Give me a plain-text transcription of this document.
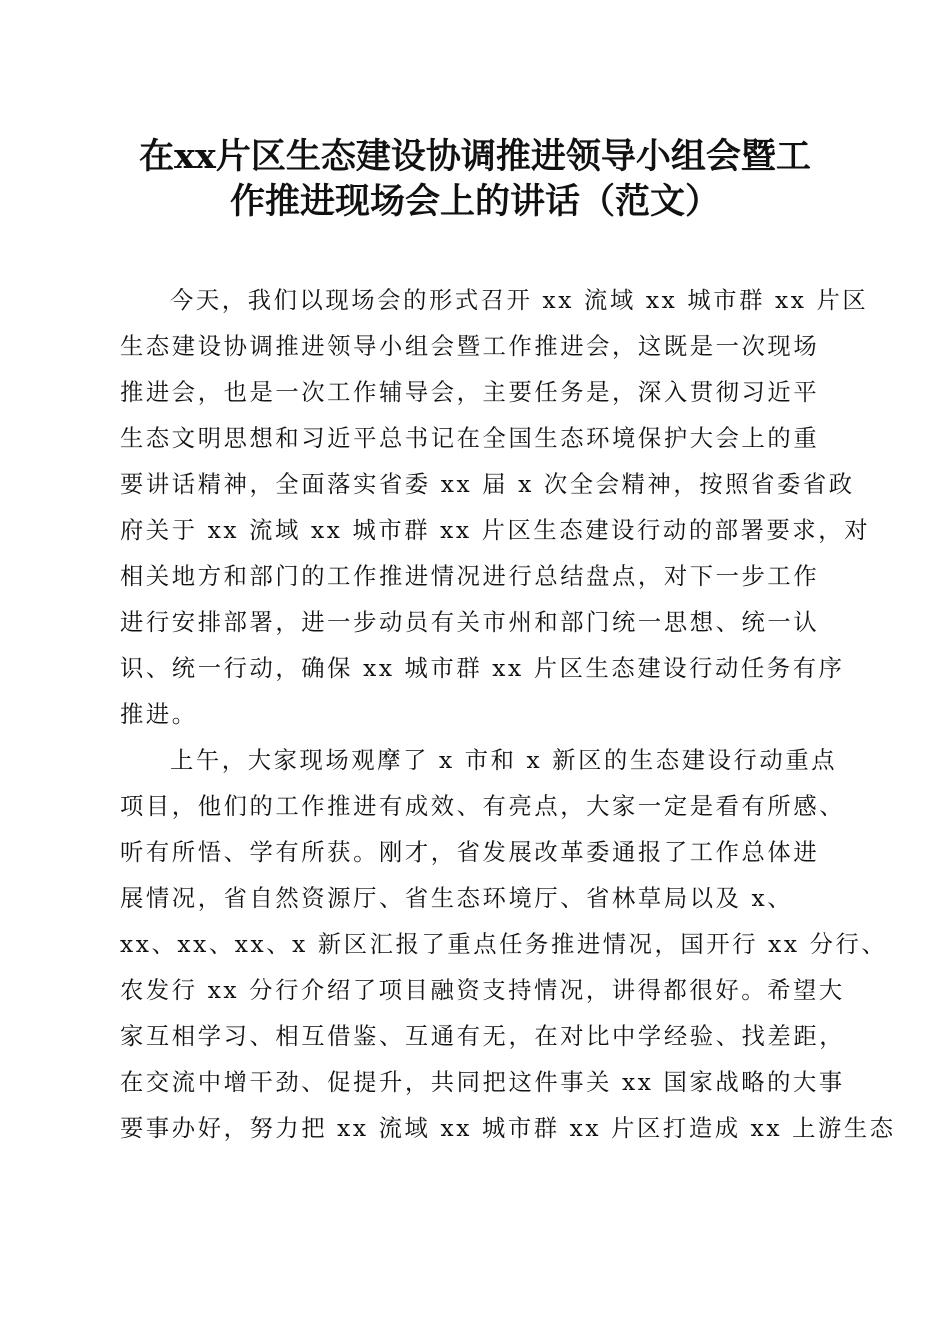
在xx片区生态建设协调推进领导小组会暨工
作推进现场会上的讲话（范文）
今天，我们以现场会的形式召开 xx 流域 xx 城市群 xx 片区
生态建设协调推进领导小组会暨工作推进会，这既是一次现场
推进会，也是一次工作辅导会，主要任务是，深入贯彻习近平
生态文明思想和习近平总书记在全国生态环境保护大会上的重
要讲话精神，全面落实省委 xx 届 x 次全会精神，按照省委省政
府关于 xx 流域 xx 城市群 xx 片区生态建设行动的部署要求，对
相关地方和部门的工作推进情况进行总结盘点，对下一步工作
进行安排部署，进一步动员有关市州和部门统一思想、统一认
识、统一行动，确保 xx 城市群 xx 片区生态建设行动任务有序
推进。
上午，大家现场观摩了 x 市和 x 新区的生态建设行动重点
项目，他们的工作推进有成效、有亮点，大家一定是看有所感、
听有所悟、学有所获。刚才，省发展改革委通报了工作总体进
展情况，省自然资源厅、省生态环境厅、省林草局以及 x、
xx、xx、xx、x 新区汇报了重点任务推进情况，国开行 xx 分行、
农发行 xx 分行介绍了项目融资支持情况，讲得都很好。希望大
家互相学习、相互借鉴、互通有无，在对比中学经验、找差距，
在交流中增干劲、促提升，共同把这件事关 xx 国家战略的大事
要事办好，努力把 xx 流域 xx 城市群 xx 片区打造成 xx 上游生态
